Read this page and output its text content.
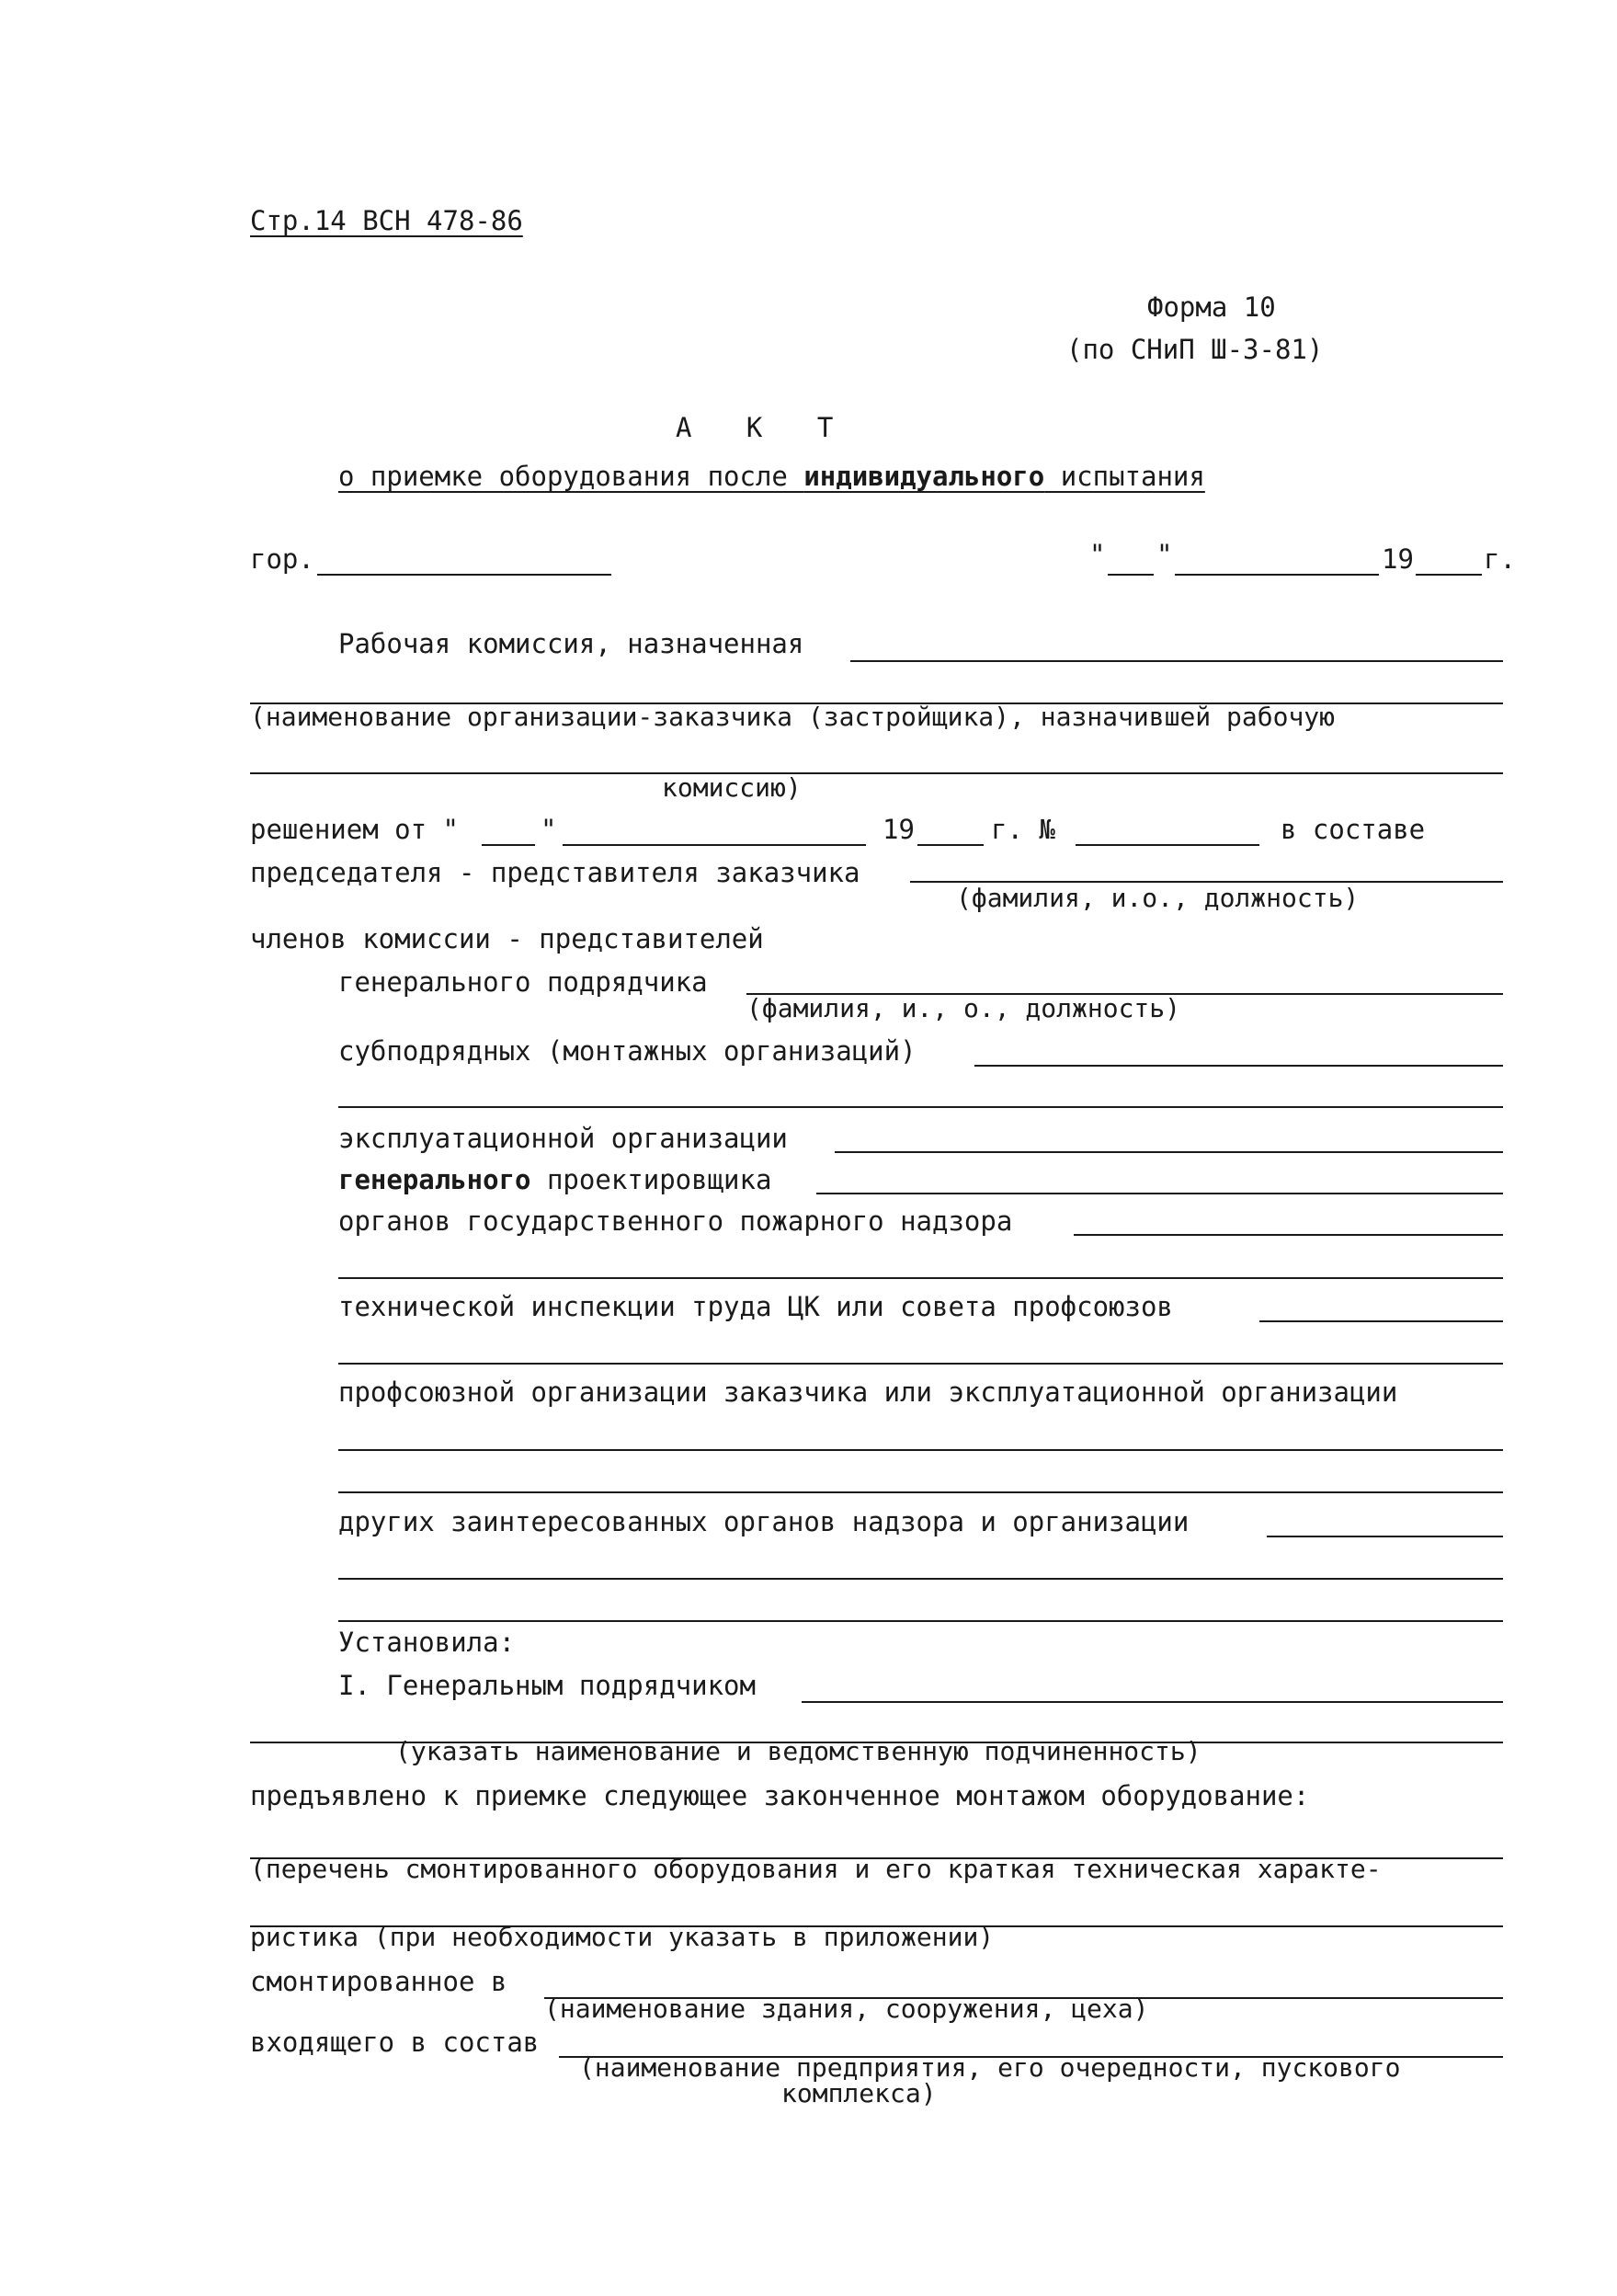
Стр.14 ВСН 478-86
Форма 10
(по СНиП Ш-3-81)
А К Т
о приемке оборудования после индивидуального испытания
гор.	" "	19	г.
Рабочая комиссия, назначенная
(наименование организации-заказчика (застройщика), назначившей рабочую
комиссию)
решением от "	"	19	г. №	в составе
председателя - представителя заказчика
(фамилия, и.о., должность)
членов комиссии - представителей
генерального подрядчика
(фамилия, и., о., должность)
субподрядных (монтажных организаций)
эксплуатационной организации
генерального проектировщика
органов государственного пожарного надзора
технической инспекции труда ЦК или совета профсоюзов
профсоюзной организации заказчика или эксплуатационной организации
других заинтересованных органов надзора и организации
Установила:
I. Генеральным подрядчиком
(указать наименование и ведомственную подчиненность)
предъявлено к приемке следующее законченное монтажом оборудование:
(перечень смонтированного оборудования и его краткая техническая характе-
ристика (при необходимости указать в приложении)
смонтированное в
(наименование здания, сооружения, цеха)
входящего в состав
(наименование предприятия, его очередности, пускового
комплекса)
